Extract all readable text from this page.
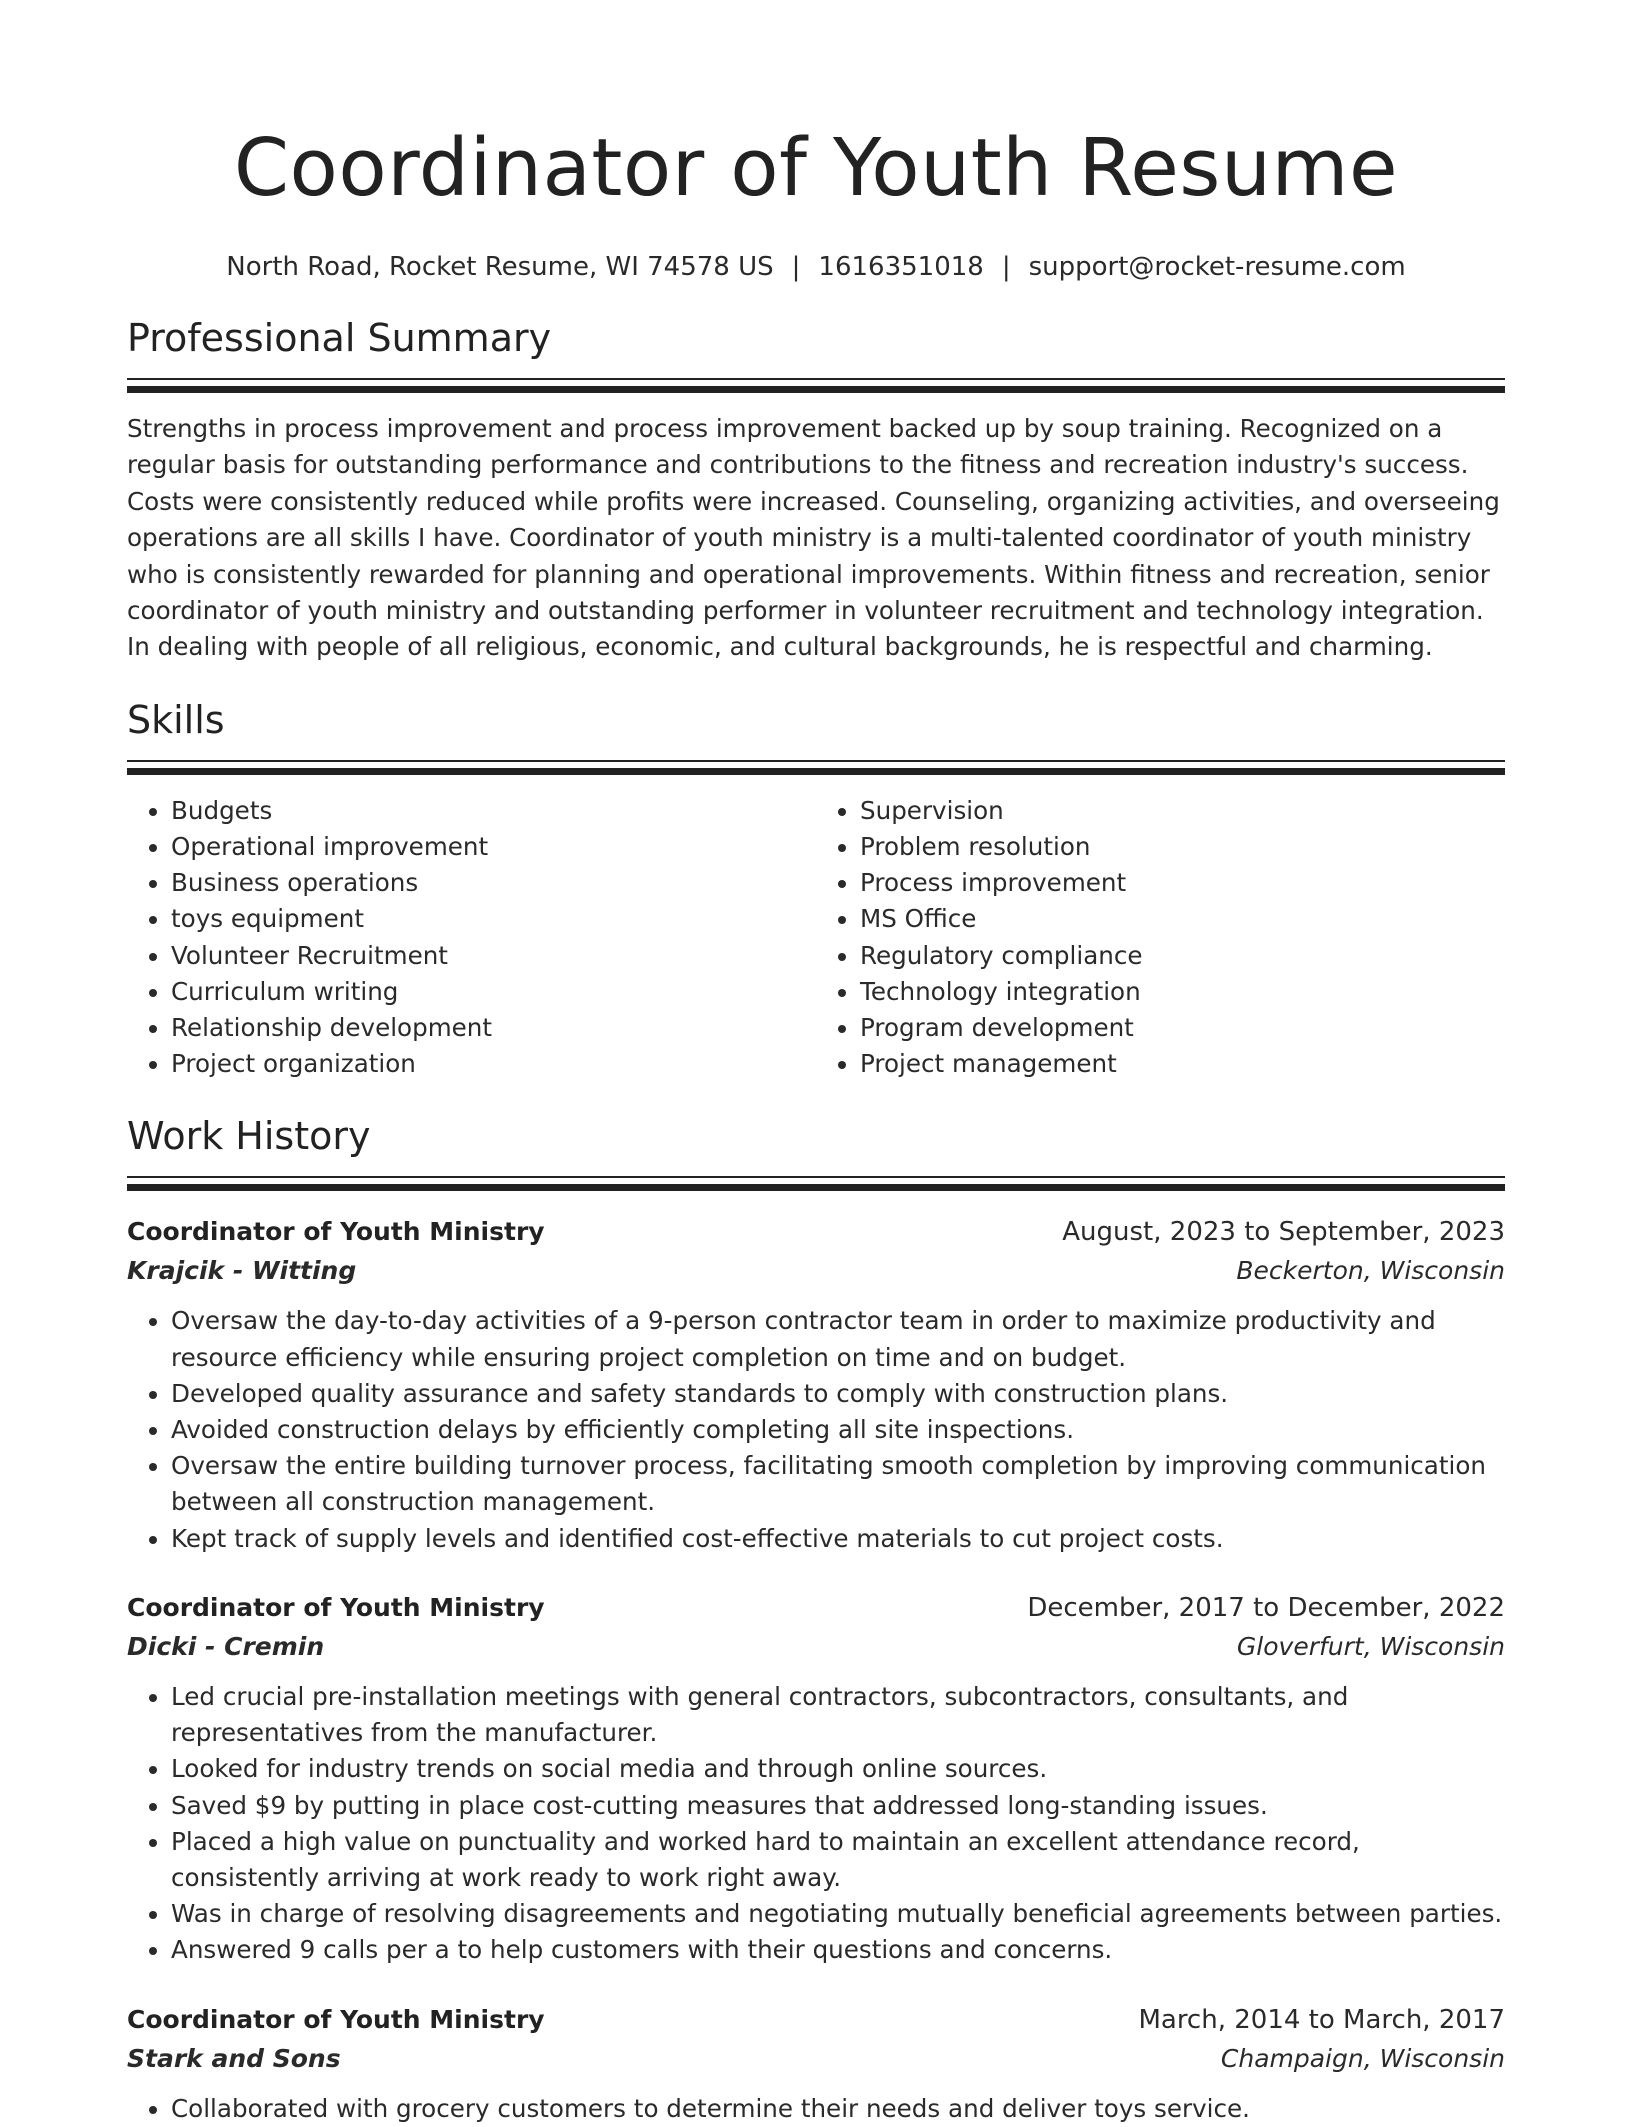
Coordinator of Youth Resume
North Road, Rocket Resume, WI 74578 US | 1616351018 | support@rocket-resume.com
Professional Summary

Strengths in process improvement and process improvement backed up by soup training. Recognized on a regular basis for outstanding performance and contributions to the fitness and recreation industry's success. Costs were consistently reduced while profits were increased. Counseling, organizing activities, and overseeing operations are all skills I have. Coordinator of youth ministry is a multi-talented coordinator of youth ministry who is consistently rewarded for planning and operational improvements. Within fitness and recreation, senior coordinator of youth ministry and outstanding performer in volunteer recruitment and technology integration. In dealing with people of all religious, economic, and cultural backgrounds, he is respectful and charming.

Skills
• Budgets
• Operational improvement
• Business operations
• toys equipment
• Volunteer Recruitment
• Curriculum writing
• Relationship development
• Project organization
• Supervision
• Problem resolution
• Process improvement
• MS Office
• Regulatory compliance
• Technology integration
• Program development
• Project management
Work History
Coordinator of Youth Ministry	August, 2023 to September, 2023
Krajcik - Witting	Beckerton, Wisconsin
• Oversaw the day-to-day activities of a 9-person contractor team in order to maximize productivity and resource efficiency while ensuring project completion on time and on budget.
• Developed quality assurance and safety standards to comply with construction plans.
• Avoided construction delays by efficiently completing all site inspections.
• Oversaw the entire building turnover process, facilitating smooth completion by improving communication between all construction management.
• Kept track of supply levels and identified cost-effective materials to cut project costs.
Coordinator of Youth Ministry	December, 2017 to December, 2022
Dicki - Cremin	Gloverfurt, Wisconsin
• Led crucial pre-installation meetings with general contractors, subcontractors, consultants, and representatives from the manufacturer.
• Looked for industry trends on social media and through online sources.
• Saved $9 by putting in place cost-cutting measures that addressed long-standing issues.
• Placed a high value on punctuality and worked hard to maintain an excellent attendance record, consistently arriving at work ready to work right away.
• Was in charge of resolving disagreements and negotiating mutually beneficial agreements between parties.
• Answered 9 calls per a to help customers with their questions and concerns.
Coordinator of Youth Ministry	March, 2014 to March, 2017
Stark and Sons	Champaign, Wisconsin
• Collaborated with grocery customers to determine their needs and deliver toys service.
